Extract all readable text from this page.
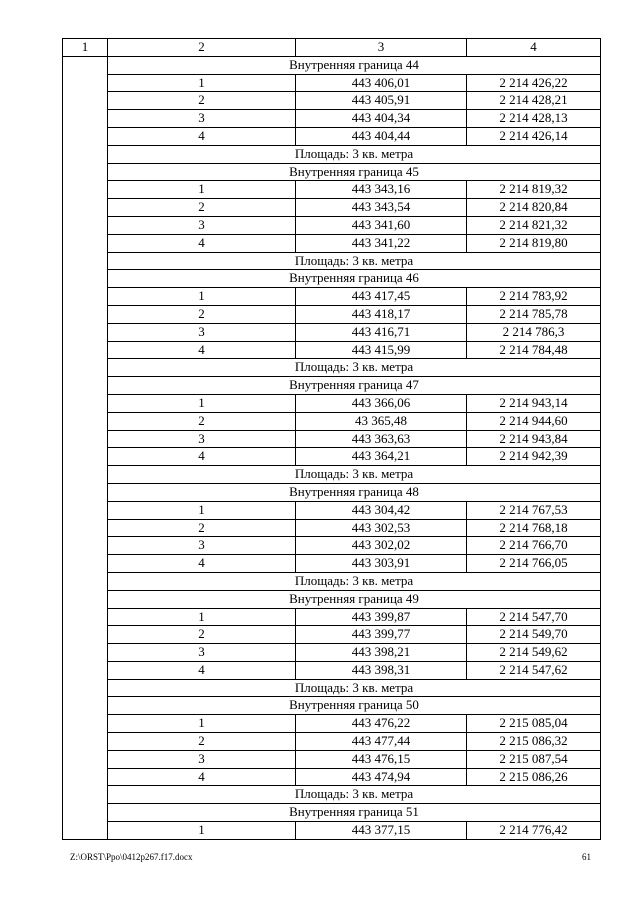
1	2	3	4
	Внутренняя граница 44		
	1	443 406,01	2 214 426,22
	2	443 405,91	2 214 428,21
	3	443 404,34	2 214 428,13
	4	443 404,44	2 214 426,14
	Площадь: 3 кв. метра		
	Внутренняя граница 45		
	1	443 343,16	2 214 819,32
	2	443 343,54	2 214 820,84
	3	443 341,60	2 214 821,32
	4	443 341,22	2 214 819,80
	Площадь: 3 кв. метра		
	Внутренняя граница 46		
	1	443 417,45	2 214 783,92
	2	443 418,17	2 214 785,78
	3	443 416,71	2 214 786,3
	4	443 415,99	2 214 784,48
	Площадь: 3 кв. метра		
	Внутренняя граница 47		
	1	443 366,06	2 214 943,14
	2	43 365,48	2 214 944,60
	3	443 363,63	2 214 943,84
	4	443 364,21	2 214 942,39
	Площадь: 3 кв. метра		
	Внутренняя граница 48		
	1	443 304,42	2 214 767,53
	2	443 302,53	2 214 768,18
	3	443 302,02	2 214 766,70
	4	443 303,91	2 214 766,05
	Площадь: 3 кв. метра		
	Внутренняя граница 49		
	1	443 399,87	2 214 547,70
	2	443 399,77	2 214 549,70
	3	443 398,21	2 214 549,62
	4	443 398,31	2 214 547,62
	Площадь: 3 кв. метра		
	Внутренняя граница 50		
	1	443 476,22	2 215 085,04
	2	443 477,44	2 215 086,32
	3	443 476,15	2 215 087,54
	4	443 474,94	2 215 086,26
	Площадь: 3 кв. метра		
	Внутренняя граница 51		
	1	443 377,15	2 214 776,42
Z:\ORST\Ppo\0412p267.f17.docx	61
